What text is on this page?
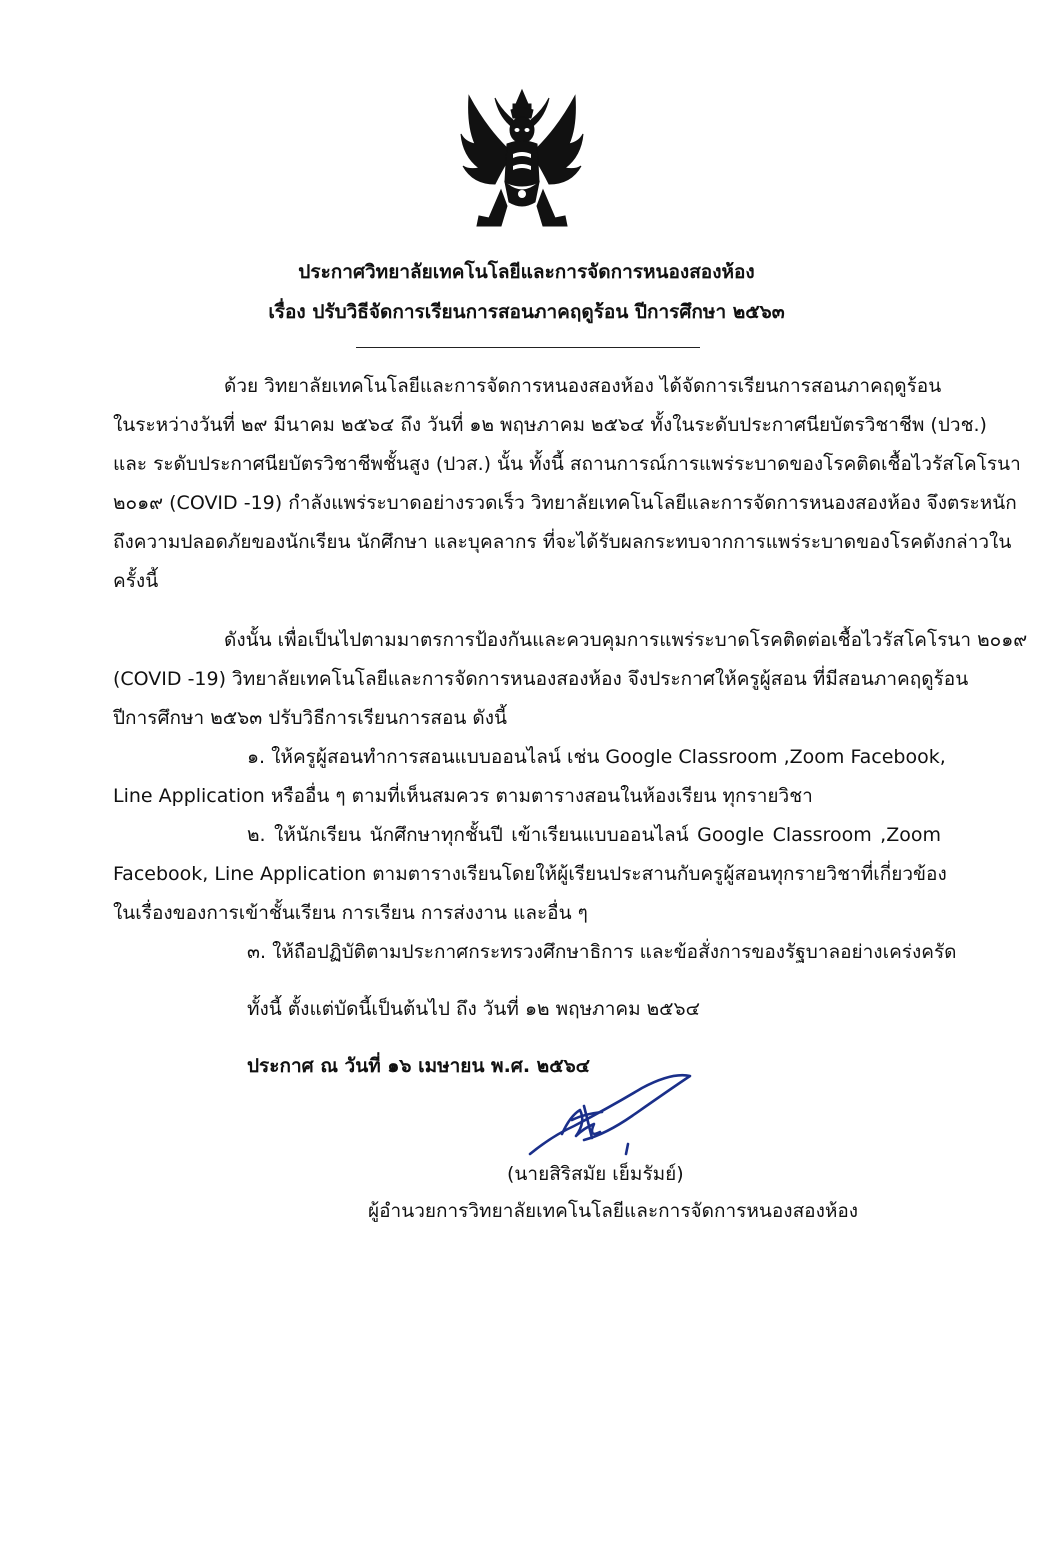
ประกาศวิทยาลัยเทคโนโลยีและการจัดการหนองสองห้อง
เรื่อง ปรับวิธีจัดการเรียนการสอนภาคฤดูร้อน ปีการศึกษา ๒๕๖๓
ด้วย วิทยาลัยเทคโนโลยีและการจัดการหนองสองห้อง ได้จัดการเรียนการสอนภาคฤดูร้อน
ในระหว่างวันที่ ๒๙ มีนาคม ๒๕๖๔ ถึง วันที่ ๑๒ พฤษภาคม ๒๕๖๔ ทั้งในระดับประกาศนียบัตรวิชาชีพ (ปวช.)
และ ระดับประกาศนียบัตรวิชาชีพชั้นสูง (ปวส.) นั้น ทั้งนี้ สถานการณ์การแพร่ระบาดของโรคติดเชื้อไวรัสโคโรนา
๒๐๑๙ (COVID -19) กำลังแพร่ระบาดอย่างรวดเร็ว วิทยาลัยเทคโนโลยีและการจัดการหนองสองห้อง จึงตระหนัก
ถึงความปลอดภัยของนักเรียน นักศึกษา และบุคลากร ที่จะได้รับผลกระทบจากการแพร่ระบาดของโรคดังกล่าวใน
ครั้งนี้
ดังนั้น เพื่อเป็นไปตามมาตรการป้องกันและควบคุมการแพร่ระบาดโรคติดต่อเชื้อไวรัสโคโรนา ๒๐๑๙
(COVID -19) วิทยาลัยเทคโนโลยีและการจัดการหนองสองห้อง จึงประกาศให้ครูผู้สอน ที่มีสอนภาคฤดูร้อน
ปีการศึกษา ๒๕๖๓ ปรับวิธีการเรียนการสอน ดังนี้
๑. ให้ครูผู้สอนทำการสอนแบบออนไลน์ เช่น Google Classroom ,Zoom Facebook,
Line Application หรืออื่น ๆ ตามที่เห็นสมควร ตามตารางสอนในห้องเรียน ทุกรายวิชา
๒. ให้นักเรียน นักศึกษาทุกชั้นปี เข้าเรียนแบบออนไลน์ Google Classroom ,Zoom
Facebook, Line Application ตามตารางเรียนโดยให้ผู้เรียนประสานกับครูผู้สอนทุกรายวิชาที่เกี่ยวข้อง
ในเรื่องของการเข้าชั้นเรียน การเรียน การส่งงาน และอื่น ๆ
๓. ให้ถือปฏิบัติตามประกาศกระทรวงศึกษาธิการ และข้อสั่งการของรัฐบาลอย่างเคร่งครัด
ทั้งนี้ ตั้งแต่บัดนี้เป็นต้นไป ถึง วันที่ ๑๒ พฤษภาคม ๒๕๖๔
ประกาศ ณ วันที่ ๑๖ เมษายน พ.ศ. ๒๕๖๔
(นายสิริสมัย เย็มรัมย์)
ผู้อำนวยการวิทยาลัยเทคโนโลยีและการจัดการหนองสองห้อง
